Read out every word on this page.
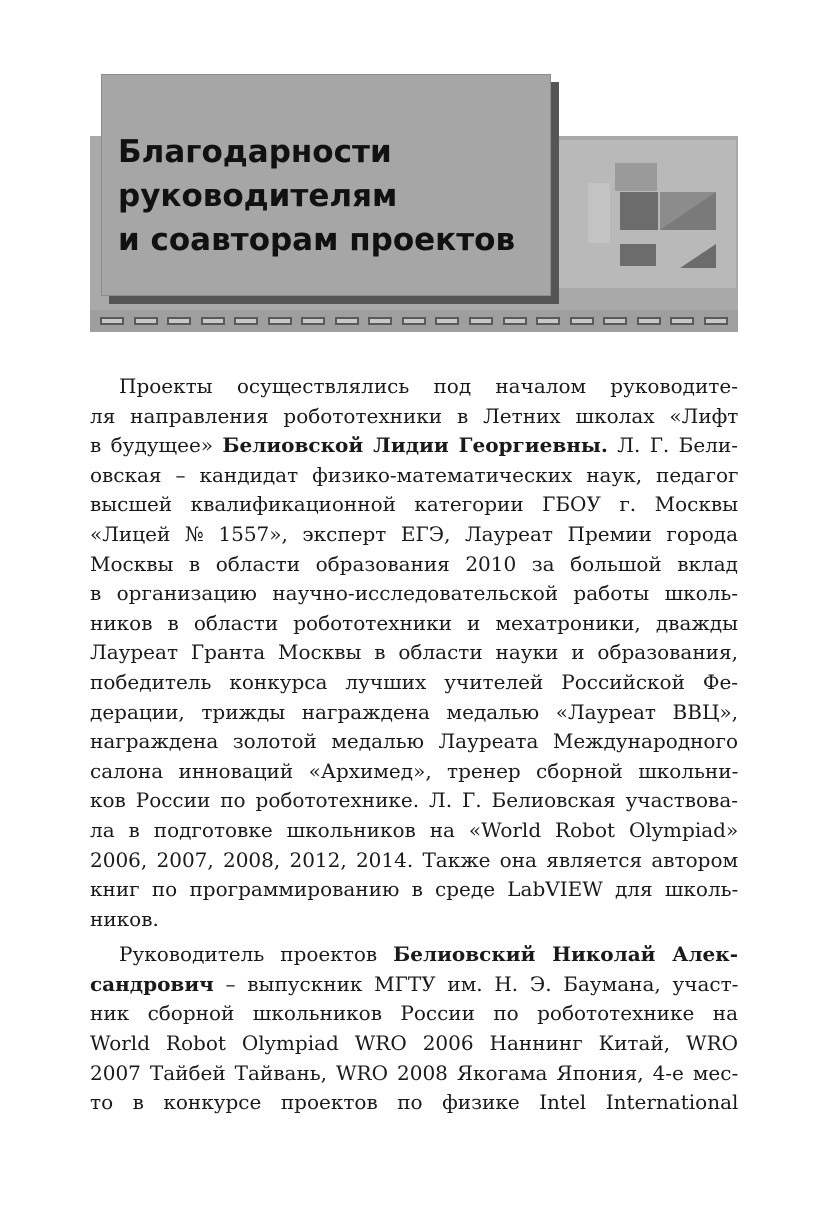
Благодарности
руководителям
и соавторам проектов
Проекты осуществлялись под началом руководите-
ля направления робототехники в Летних школах «Лифт
в будущее» Белиовской Лидии Георгиевны. Л. Г. Бели-
овская – кандидат физико-математических наук, педагог
высшей квалификационной категории ГБОУ г. Москвы
«Лицей № 1557», эксперт ЕГЭ, Лауреат Премии города
Москвы в области образования 2010 за большой вклад
в организацию научно-исследовательской работы школь-
ников в области робототехники и мехатроники, дважды
Лауреат Гранта Москвы в области науки и образования,
победитель конкурса лучших учителей Российской Фе-
дерации, трижды награждена медалью «Лауреат ВВЦ»,
награждена золотой медалью Лауреата Международного
салона инноваций «Архимед», тренер сборной школьни-
ков России по робототехнике. Л. Г. Белиовская участвова-
ла в подготовке школьников на «World Robot Olympiad»
2006, 2007, 2008, 2012, 2014. Также она является автором
книг по программированию в среде LabVIEW для школь-
ников.
Руководитель проектов Белиовский Николай Алек-
сандрович – выпускник МГТУ им. Н. Э. Баумана, участ-
ник сборной школьников России по робототехнике на
World Robot Olympiad WRO 2006 Наннинг Китай, WRO
2007 Тайбей Тайвань, WRO 2008 Якогама Япония, 4-е мес-
то в конкурсе проектов по физике Intel International
